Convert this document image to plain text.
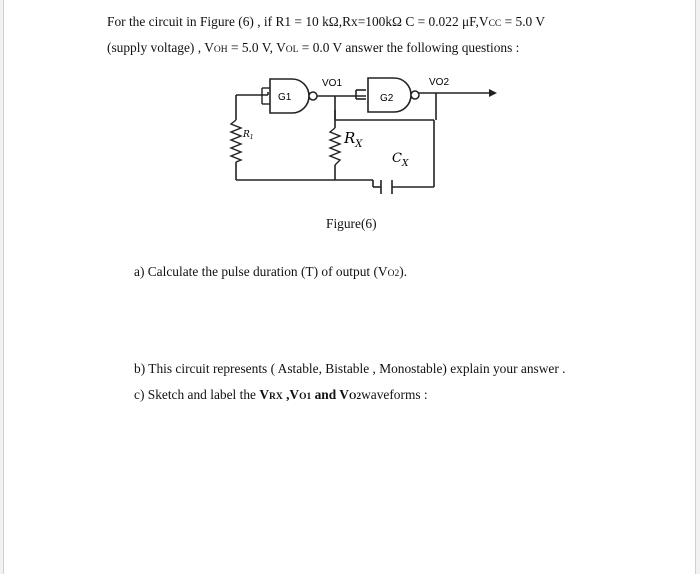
For the circuit in Figure (6) , if R1 = 10 kΩ,Rx=100kΩ C = 0.022 μF,VCC = 5.0 V
(supply voltage) , VOH = 5.0 V, VOL = 0.0 V answer the following questions :
G1	G2
VO1	VO2
$R_1$	$R_X$
$C_X$
Figure(6)
a) Calculate the pulse duration (T) of output (VO2).
b) This circuit represents ( Astable, Bistable , Monostable) explain your answer .
c) Sketch and label the VRX ,VO1 and VO2waveforms :
